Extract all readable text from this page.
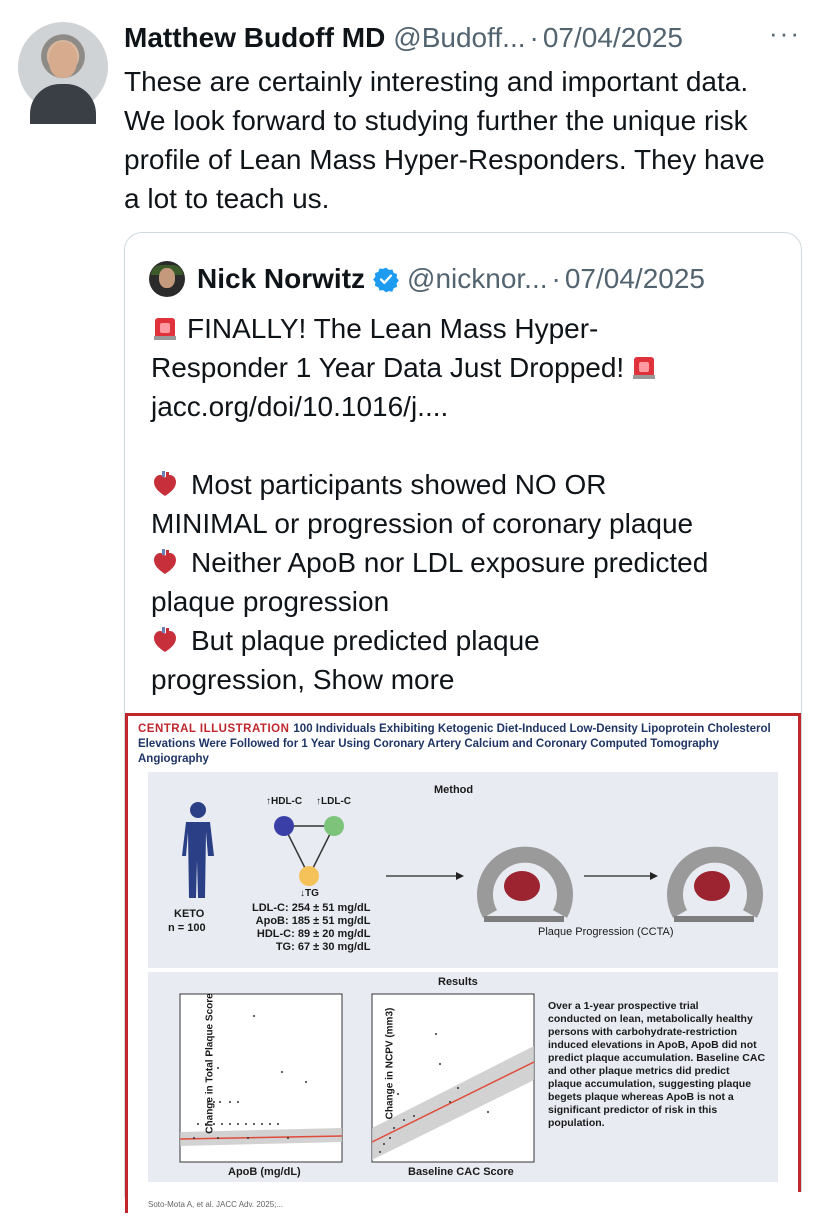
Matthew Budoff MD @Budoff... · 07/04/2025	···
These are certainly interesting and important data. We look forward to studying further the unique risk profile of Lean Mass Hyper-Responders. They have a lot to teach us.
Nick Norwitz @nicknor... · 07/04/2025
FINALLY! The Lean Mass Hyper-
Responder 1 Year Data Just Dropped!
jacc.org/doi/10.1016/j....
Most participants showed NO OR
MINIMAL or progression of coronary plaque
Neither ApoB nor LDL exposure predicted
plaque progression
But plaque predicted plaque
progression, Show more
CENTRAL ILLUSTRATION 100 Individuals Exhibiting Ketogenic Diet-Induced Low-Density Lipoprotein Cholesterol
Elevations Were Followed for 1 Year Using Coronary Artery Calcium and Coronary Computed Tomography Angiography
Method
KETO
n = 100
↑HDL-C ↑LDL-C
↓TG
LDL-C: 254 ± 51 mg/dL
ApoB: 185 ± 51 mg/dL
HDL-C: 89 ± 20 mg/dL
TG: 67 ± 30 mg/dL
Plaque Progression (CCTA)
Results
Change in Total Plaque Score
ApoB (mg/dL)
Change in NCPV (mm3)
Baseline CAC Score
Over a 1-year prospective trial
conducted on lean, metabolically healthy
persons with carbohydrate-restriction
induced elevations in ApoB, ApoB did not
predict plaque accumulation. Baseline CAC
and other plaque metrics did predict
plaque accumulation, suggesting plaque
begets plaque whereas ApoB is not a
significant predictor of risk in this
population.
Soto-Mota A, et al. JACC Adv. 2025;...
